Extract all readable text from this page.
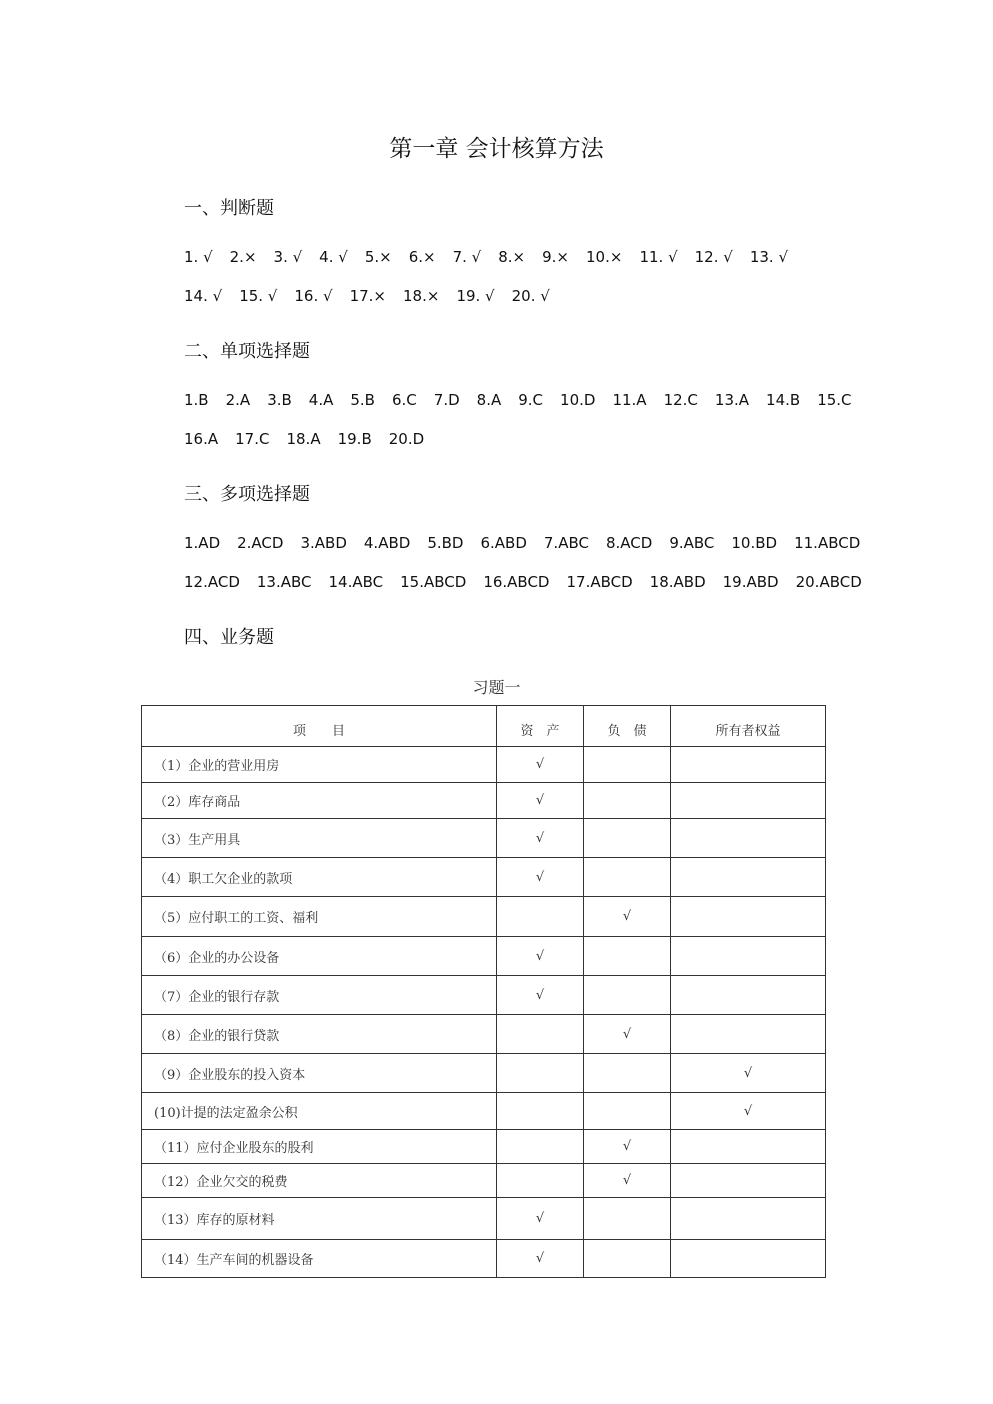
第一章 会计核算方法
一、判断题
1. √ 2.× 3. √ 4. √ 5.× 6.× 7. √ 8.× 9.× 10.× 11. √ 12. √ 13. √
14. √ 15. √ 16. √ 17.× 18.× 19. √ 20. √
二、单项选择题
1.B 2.A 3.B 4.A 5.B 6.C 7.D 8.A 9.C 10.D 11.A 12.C 13.A 14.B 15.C
16.A 17.C 18.A 19.B 20.D
三、多项选择题
1.AD 2.ACD 3.ABD 4.ABD 5.BD 6.ABD 7.ABC 8.ACD 9.ABC 10.BD 11.ABCD
12.ACD 13.ABC 14.ABC 15.ABCD 16.ABCD 17.ABCD 18.ABD 19.ABD 20.ABCD
四、业务题
习题一
项　　目	资　产	负　债	所有者权益
（1）企业的营业用房	√		
（2）库存商品	√		
（3）生产用具	√		
（4）职工欠企业的款项	√		
（5）应付职工的工资、福利		√	
（6）企业的办公设备	√		
（7）企业的银行存款	√		
（8）企业的银行贷款		√	
（9）企业股东的投入资本			√
(10)计提的法定盈余公积			√
（11）应付企业股东的股利		√	
（12）企业欠交的税费		√	
（13）库存的原材料	√		
（14）生产车间的机器设备	√		
